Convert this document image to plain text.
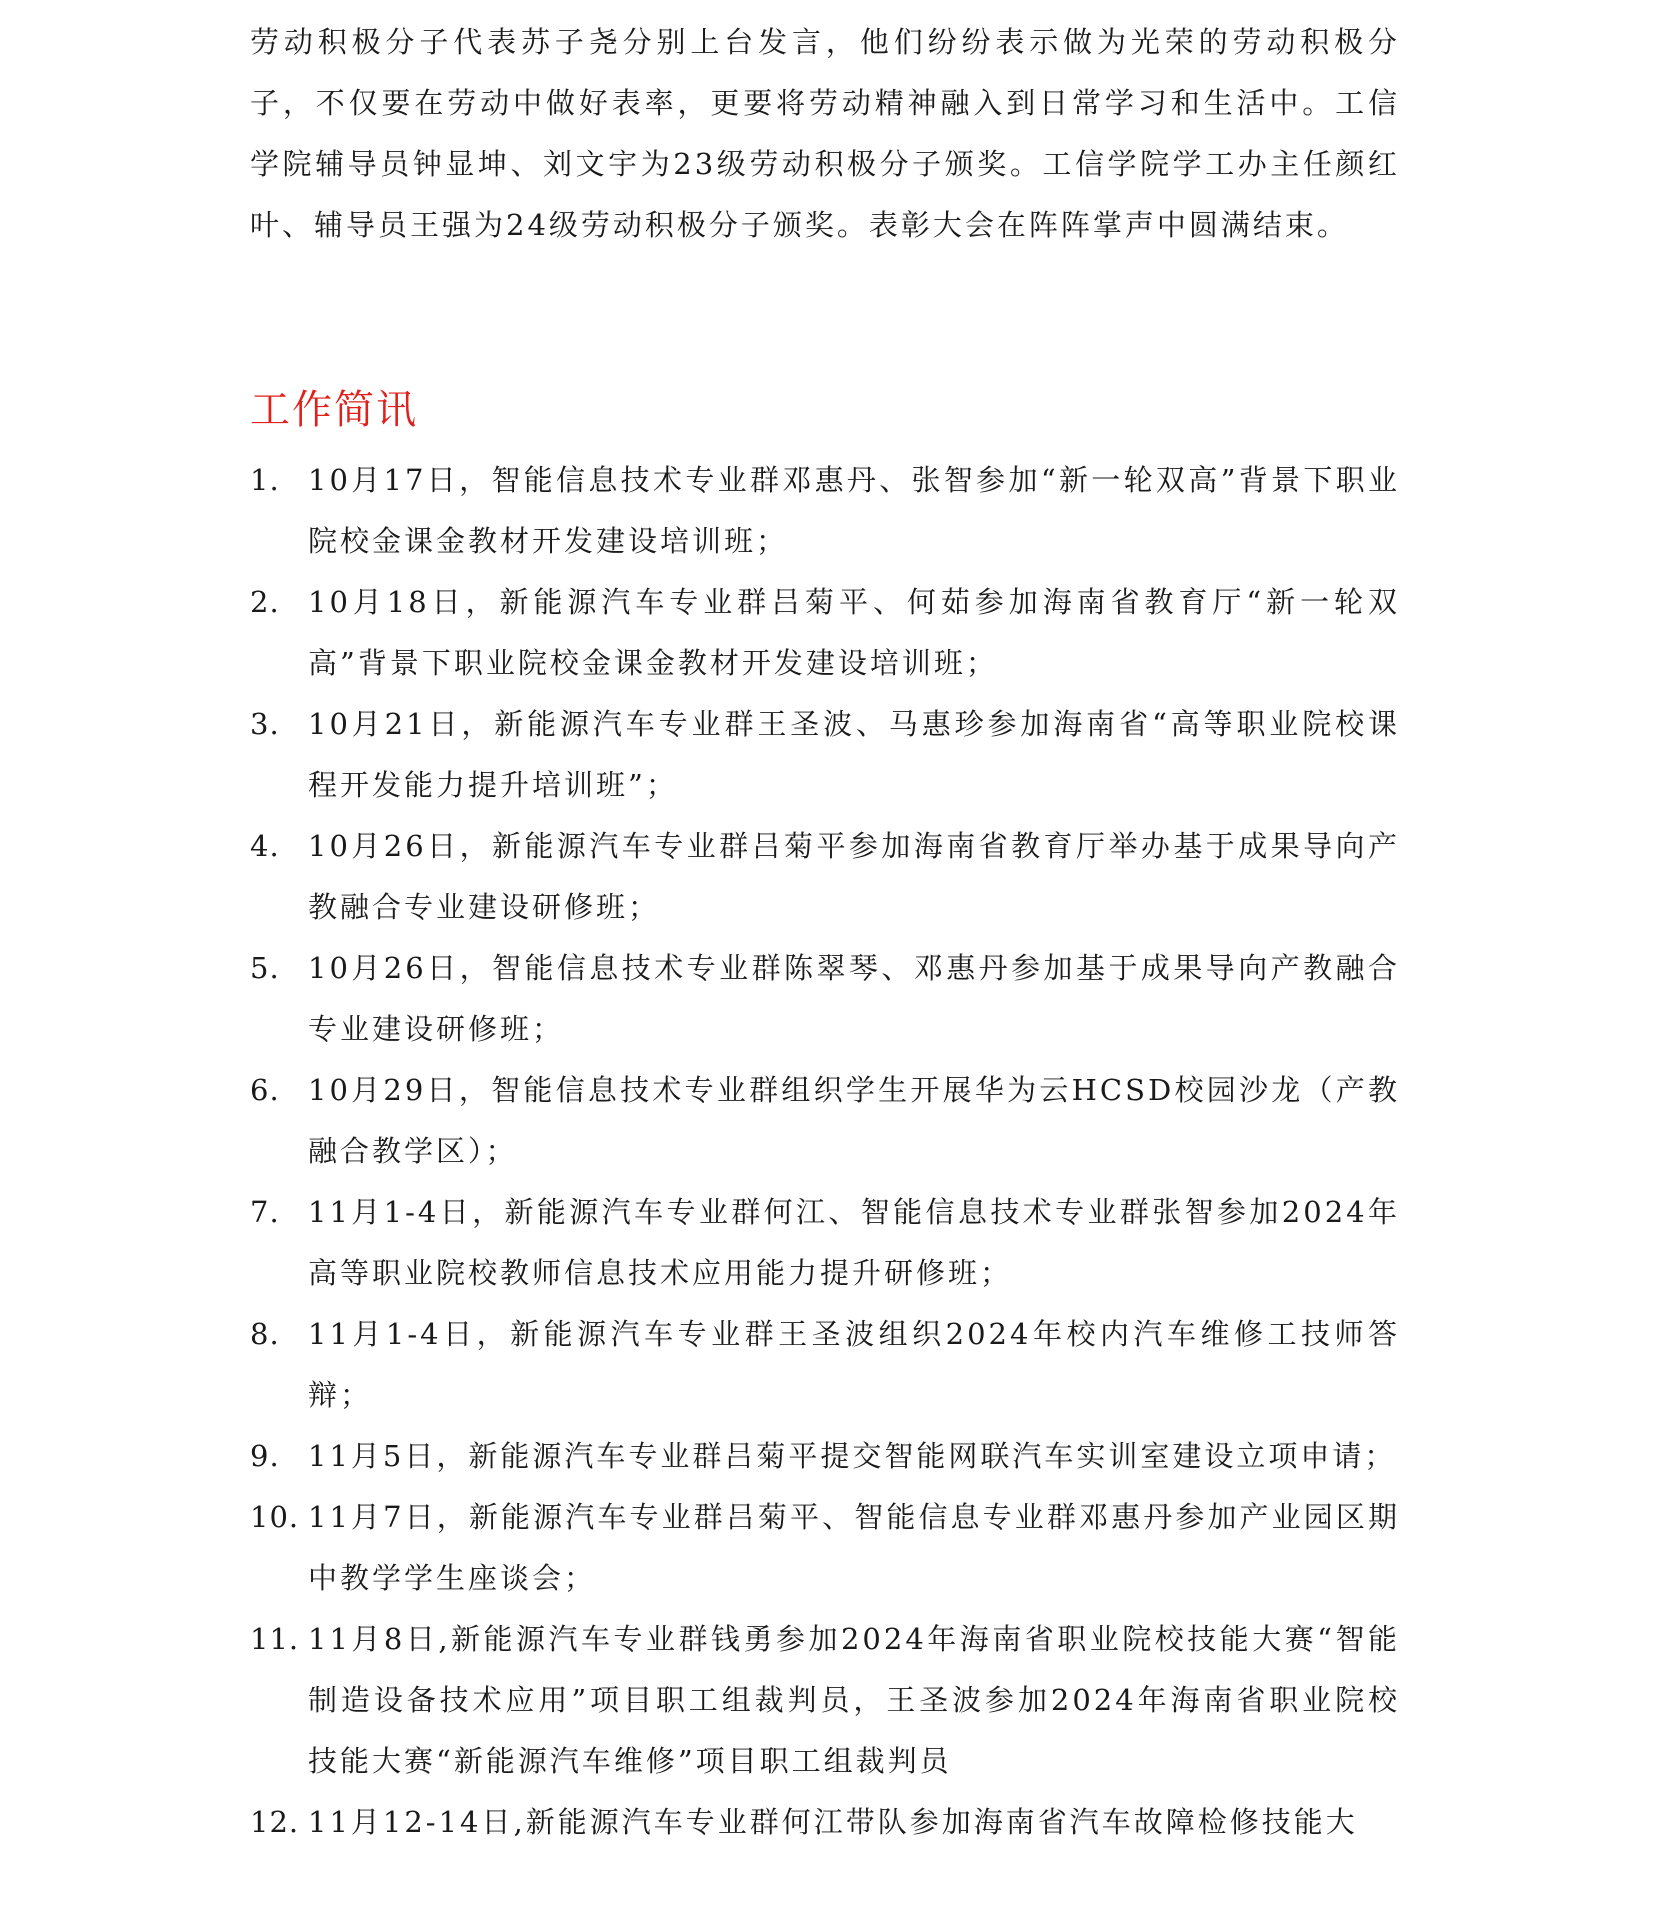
劳动积极分子代表苏子尧分别上台发言，他们纷纷表示做为光荣的劳动积极分子，不仅要在劳动中做好表率，更要将劳动精神融入到日常学习和生活中。工信学院辅导员钟显坤、刘文宇为23级劳动积极分子颁奖。工信学院学工办主任颜红叶、辅导员王强为24级劳动积极分子颁奖。表彰大会在阵阵掌声中圆满结束。

工作简讯
1. 10月17日，智能信息技术专业群邓惠丹、张智参加“新一轮双高”背景下职业院校金课金教材开发建设培训班；
2. 10月18日，新能源汽车专业群吕菊平、何茹参加海南省教育厅“新一轮双高”背景下职业院校金课金教材开发建设培训班；
3. 10月21日，新能源汽车专业群王圣波、马惠珍参加海南省“高等职业院校课程开发能力提升培训班”；
4. 10月26日，新能源汽车专业群吕菊平参加海南省教育厅举办基于成果导向产教融合专业建设研修班；
5. 10月26日，智能信息技术专业群陈翠琴、邓惠丹参加基于成果导向产教融合专业建设研修班；
6. 10月29日，智能信息技术专业群组织学生开展华为云HCSD校园沙龙（产教融合教学区）；
7. 11月1-4日，新能源汽车专业群何江、智能信息技术专业群张智参加2024年高等职业院校教师信息技术应用能力提升研修班；
8. 11月1-4日，新能源汽车专业群王圣波组织2024年校内汽车维修工技师答辩；
9. 11月5日，新能源汽车专业群吕菊平提交智能网联汽车实训室建设立项申请；
10. 11月7日，新能源汽车专业群吕菊平、智能信息专业群邓惠丹参加产业园区期中教学学生座谈会；
11. 11月8日,新能源汽车专业群钱勇参加2024年海南省职业院校技能大赛“智能制造设备技术应用”项目职工组裁判员，王圣波参加2024年海南省职业院校技能大赛“新能源汽车维修”项目职工组裁判员
12. 11月12-14日,新能源汽车专业群何江带队参加海南省汽车故障检修技能大
